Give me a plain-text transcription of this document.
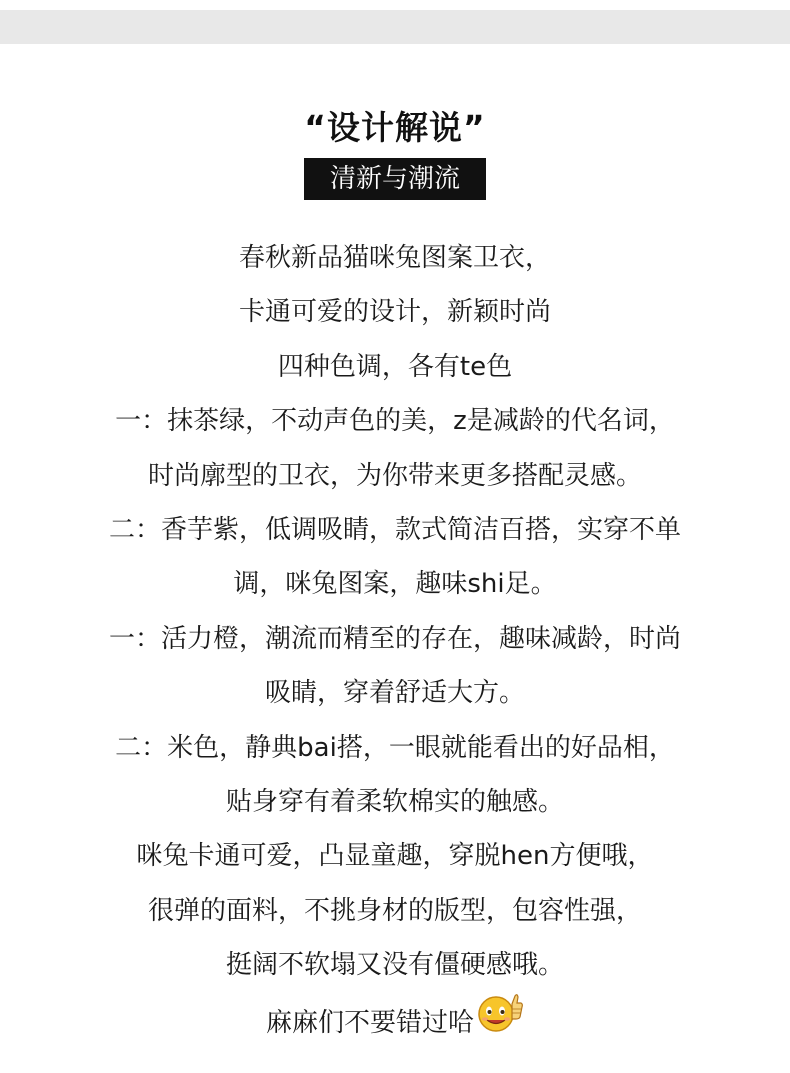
“设计解说”
清新与潮流
春秋新品猫咪兔图案卫衣，
卡通可爱的设计，新颖时尚
四种色调，各有te色
一：抹茶绿，不动声色的美，z是减龄的代名词，
时尚廓型的卫衣，为你带来更多搭配灵感。
二：香芋紫，低调吸睛，款式简洁百搭，实穿不单
调，咪兔图案，趣味shi足。
一：活力橙，潮流而精至的存在，趣味减龄，时尚
吸睛，穿着舒适大方。
二：米色，静典bai搭，一眼就能看出的好品相，
贴身穿有着柔软棉实的触感。
咪兔卡通可爱，凸显童趣，穿脱hen方便哦，
很弹的面料，不挑身材的版型，包容性强，
挺阔不软塌又没有僵硬感哦。
麻麻们不要错过哈
